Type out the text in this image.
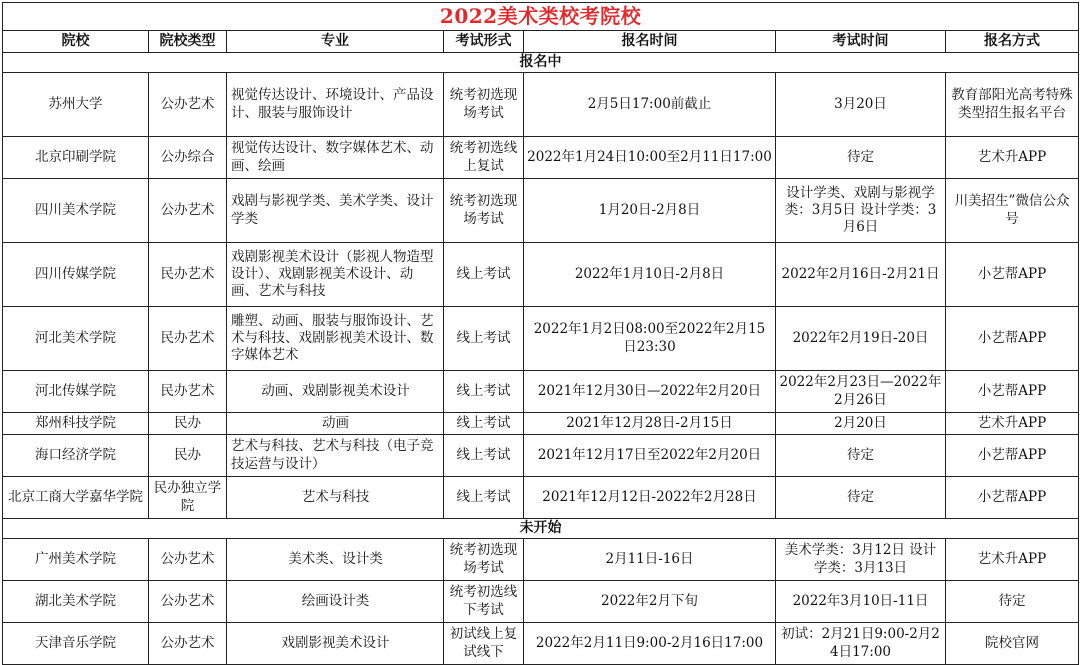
2022美术类校考院校						
院校	院校类型	专业	考试形式	报名时间	考试时间	报名方式
报名中						
苏州大学	公办艺术	视觉传达设计、环境设计、产品设计、服装与服饰设计	统考初选现场考试	2月5日17:00前截止	3月20日	教育部阳光高考特殊类型招生报名平台
北京印刷学院	公办综合	视觉传达设计、数字媒体艺术、动画、绘画	统考初选线上复试	2022年1月24日10:00至2月11日17:00	待定	艺术升APP
四川美术学院	公办艺术	戏剧与影视学类、美术学类、设计学类	统考初选现场考试	1月20日-2月8日	设计学类、戏剧与影视学类：3月5日 设计学类：3月6日	川美招生”微信公众号
四川传媒学院	民办艺术	戏剧影视美术设计（影视人物造型设计）、戏剧影视美术设计、动画、艺术与科技	线上考试	2022年1月10日-2月8日	2022年2月16日-2月21日	小艺帮APP
河北美术学院	民办艺术	雕塑、动画、服装与服饰设计、艺术与科技、戏剧影视美术设计、数字媒体艺术	线上考试	2022年1月2日08:00至2022年2月15日23:30	2022年2月19日-20日	小艺帮APP
河北传媒学院	民办艺术	动画、戏剧影视美术设计	线上考试	2021年12月30日—2022年2月20日	2022年2月23日—2022年2月26日	小艺帮APP
郑州科技学院	民办	动画	线上考试	2021年12月28日-2月15日	2月20日	艺术升APP
海口经济学院	民办	艺术与科技、艺术与科技（电子竞技运营与设计）	线上考试	2021年12月17日至2022年2月20日	待定	小艺帮APP
北京工商大学嘉华学院	民办独立学院	艺术与科技	线上考试	2021年12月12日-2022年2月28日	待定	小艺帮APP
未开始						
广州美术学院	公办艺术	美术类、设计类	统考初选现场考试	2月11日-16日	美术学类：3月12日 设计学类：3月13日	艺术升APP
湖北美术学院	公办艺术	绘画设计类	统考初选线下考试	2022年2月下旬	2022年3月10日-11日	待定
天津音乐学院	公办艺术	戏剧影视美术设计	初试线上复试线下	2022年2月11日9:00-2月16日17:00	初试：2月21日9:00-2月24日17:00	院校官网
